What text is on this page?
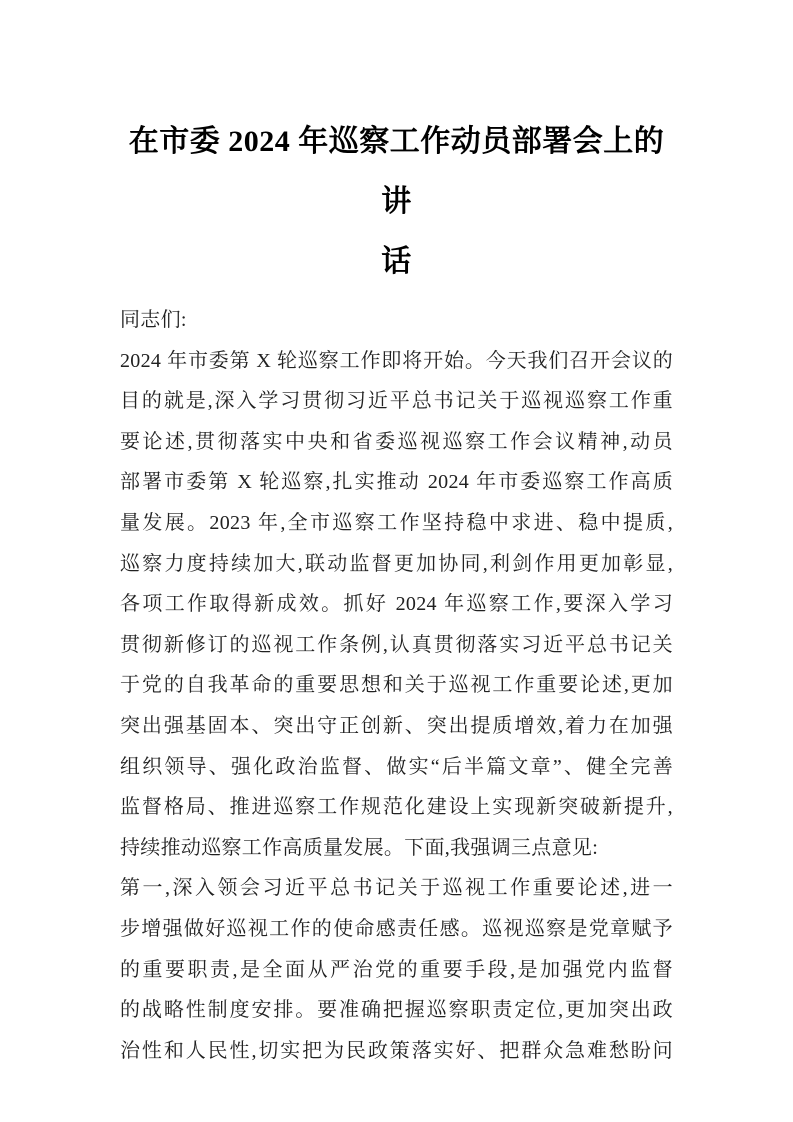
在市委 2024 年巡察工作动员部署会上的讲
话
同志们:
2024 年市委第 X 轮巡察工作即将开始。今天我们召开会议的
目的就是,深入学习贯彻习近平总书记关于巡视巡察工作重
要论述,贯彻落实中央和省委巡视巡察工作会议精神,动员
部署市委第 X 轮巡察,扎实推动 2024 年市委巡察工作高质
量发展。2023 年,全市巡察工作坚持稳中求进、稳中提质,
巡察力度持续加大,联动监督更加协同,利剑作用更加彰显,
各项工作取得新成效。抓好 2024 年巡察工作,要深入学习
贯彻新修订的巡视工作条例,认真贯彻落实习近平总书记关
于党的自我革命的重要思想和关于巡视工作重要论述,更加
突出强基固本、突出守正创新、突出提质增效,着力在加强
组织领导、强化政治监督、做实“后半篇文章”、健全完善
监督格局、推进巡察工作规范化建设上实现新突破新提升,
持续推动巡察工作高质量发展。下面,我强调三点意见:
第一,深入领会习近平总书记关于巡视工作重要论述,进一
步增强做好巡视工作的使命感责任感。巡视巡察是党章赋予
的重要职责,是全面从严治党的重要手段,是加强党内监督
的战略性制度安排。要准确把握巡察职责定位,更加突出政
治性和人民性,切实把为民政策落实好、把群众急难愁盼问
